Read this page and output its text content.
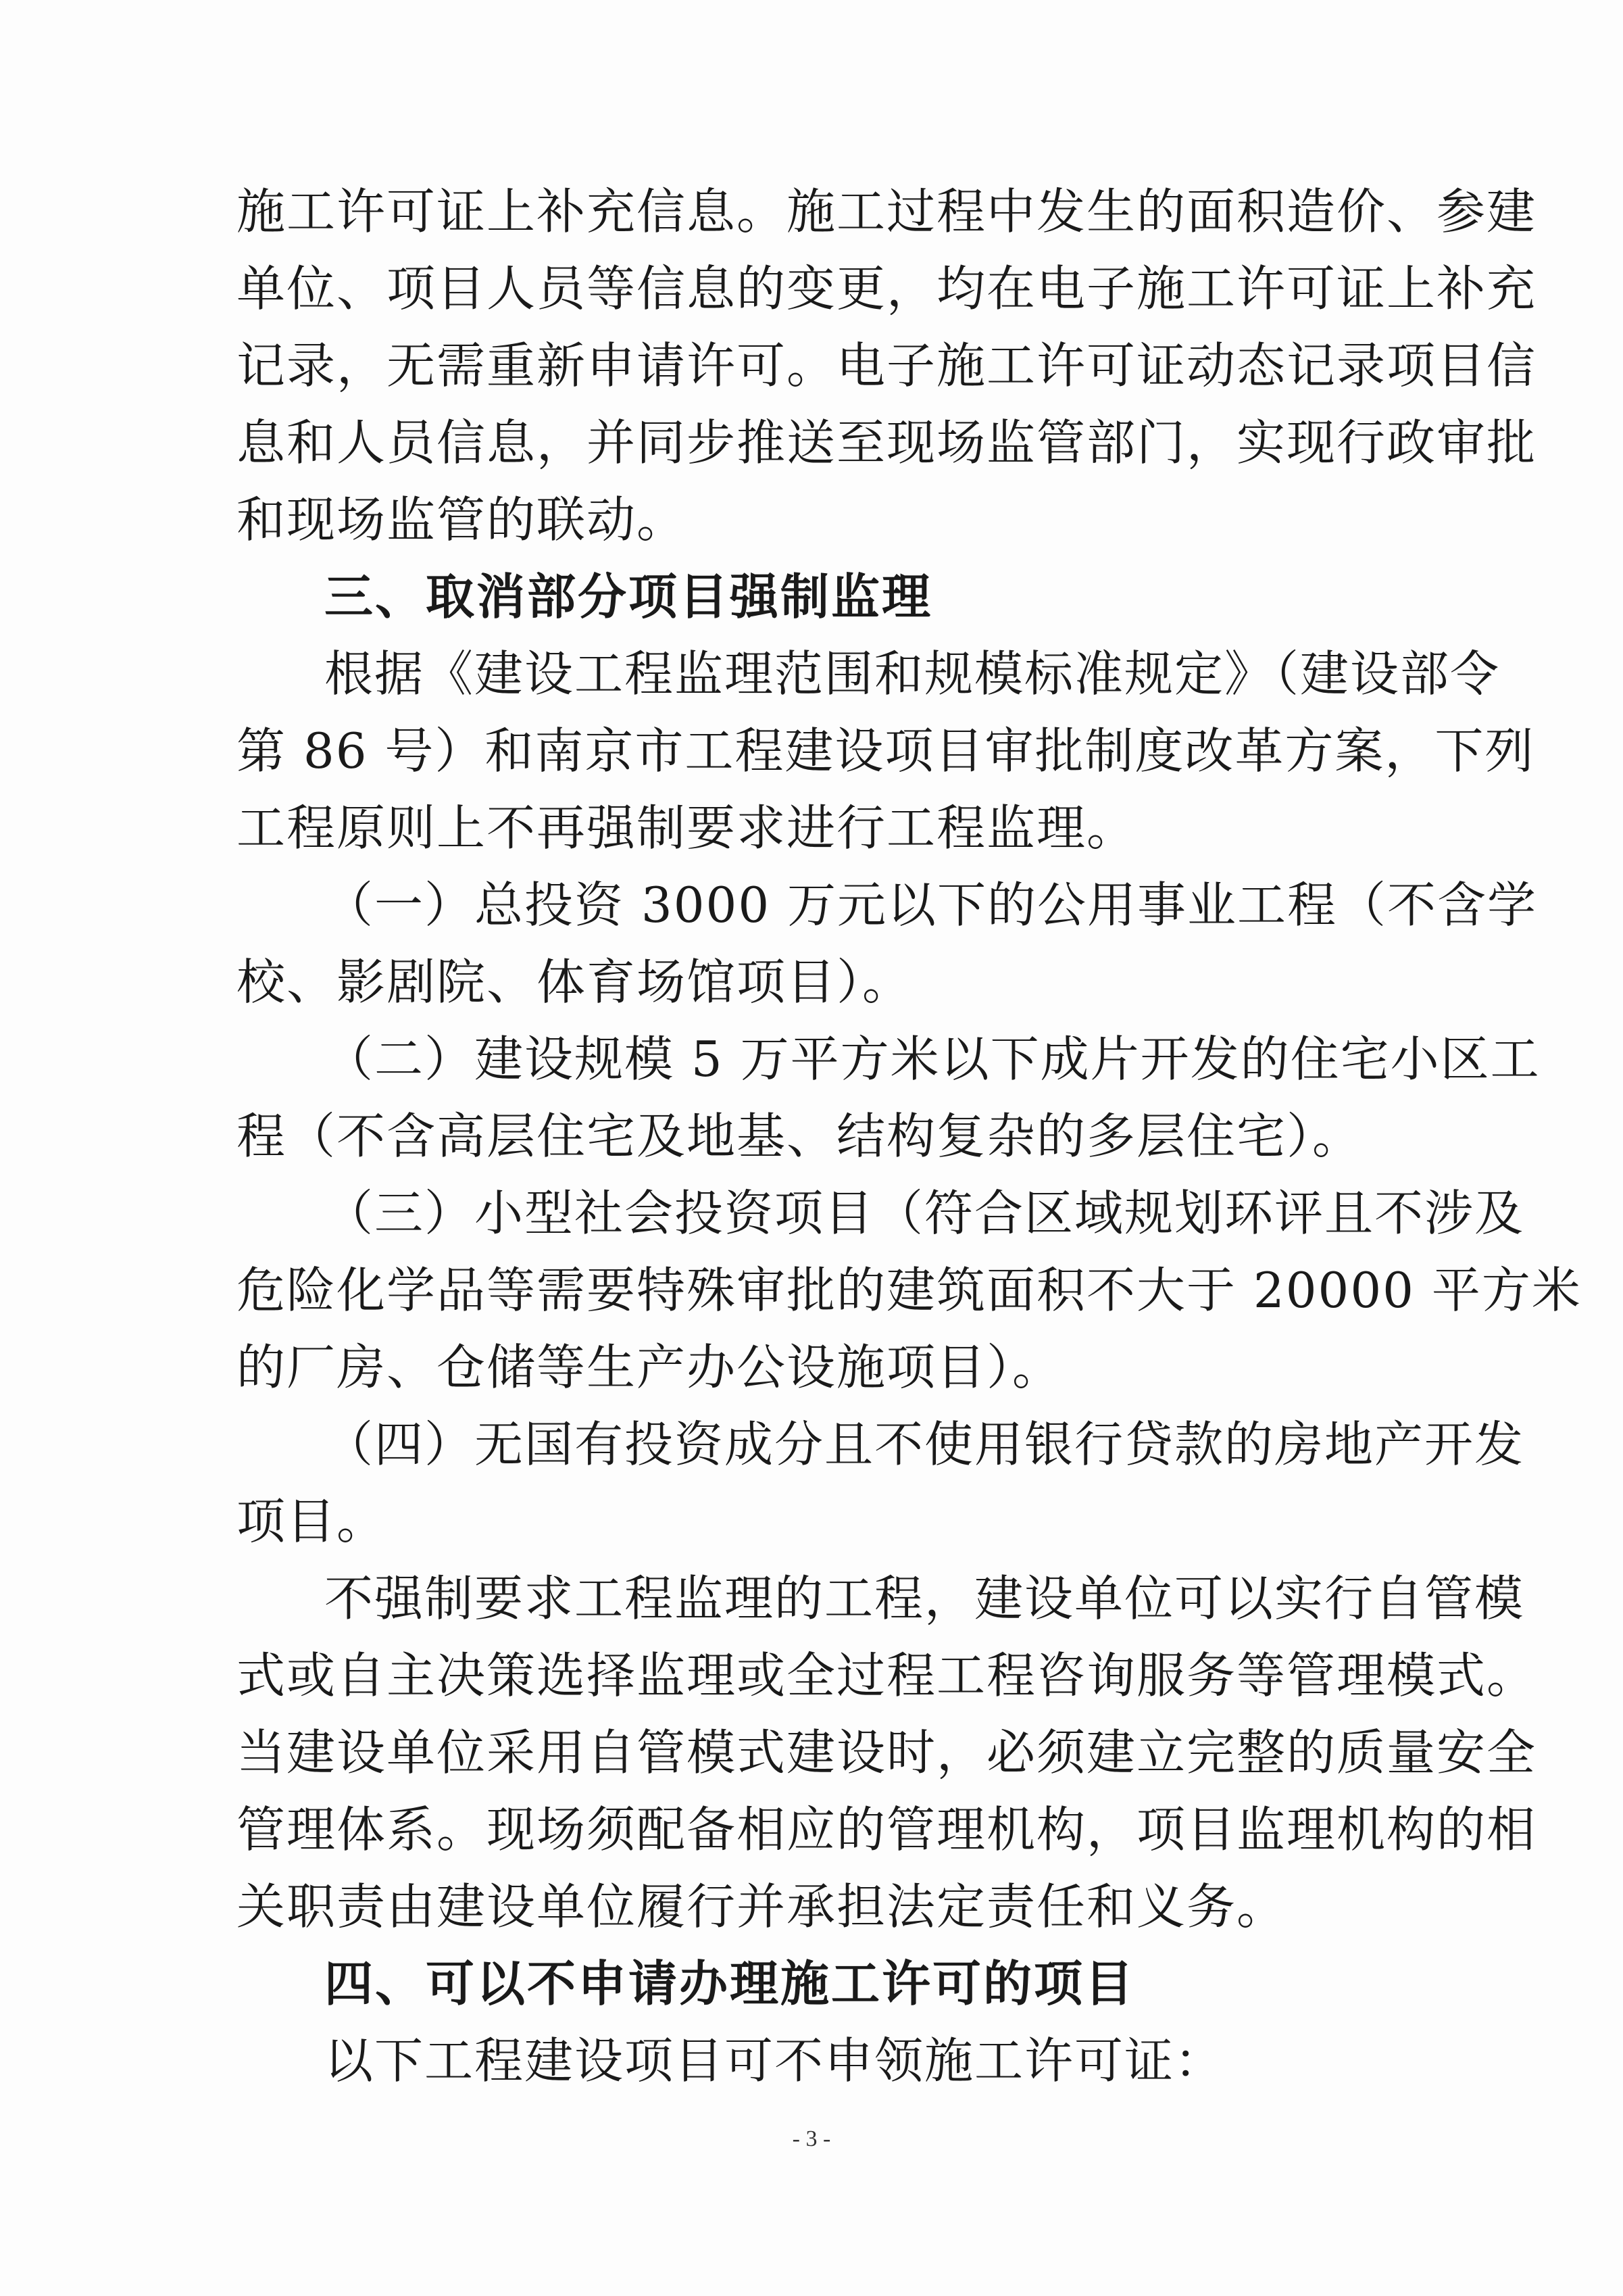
施工许可证上补充信息。施工过程中发生的面积造价、参建
单位、项目人员等信息的变更，均在电子施工许可证上补充
记录，无需重新申请许可。电子施工许可证动态记录项目信
息和人员信息，并同步推送至现场监管部门，实现行政审批
和现场监管的联动。
三、取消部分项目强制监理
根据《建设工程监理范围和规模标准规定》（建设部令
第 86 号）和南京市工程建设项目审批制度改革方案，下列
工程原则上不再强制要求进行工程监理。
（一）总投资 3000 万元以下的公用事业工程（不含学
校、影剧院、体育场馆项目）。
（二）建设规模 5 万平方米以下成片开发的住宅小区工
程（不含高层住宅及地基、结构复杂的多层住宅）。
（三）小型社会投资项目（符合区域规划环评且不涉及
危险化学品等需要特殊审批的建筑面积不大于 20000 平方米
的厂房、仓储等生产办公设施项目）。
（四）无国有投资成分且不使用银行贷款的房地产开发
项目。
不强制要求工程监理的工程，建设单位可以实行自管模
式或自主决策选择监理或全过程工程咨询服务等管理模式。
当建设单位采用自管模式建设时，必须建立完整的质量安全
管理体系。现场须配备相应的管理机构，项目监理机构的相
关职责由建设单位履行并承担法定责任和义务。
四、可以不申请办理施工许可的项目
以下工程建设项目可不申领施工许可证：
- 3 -
